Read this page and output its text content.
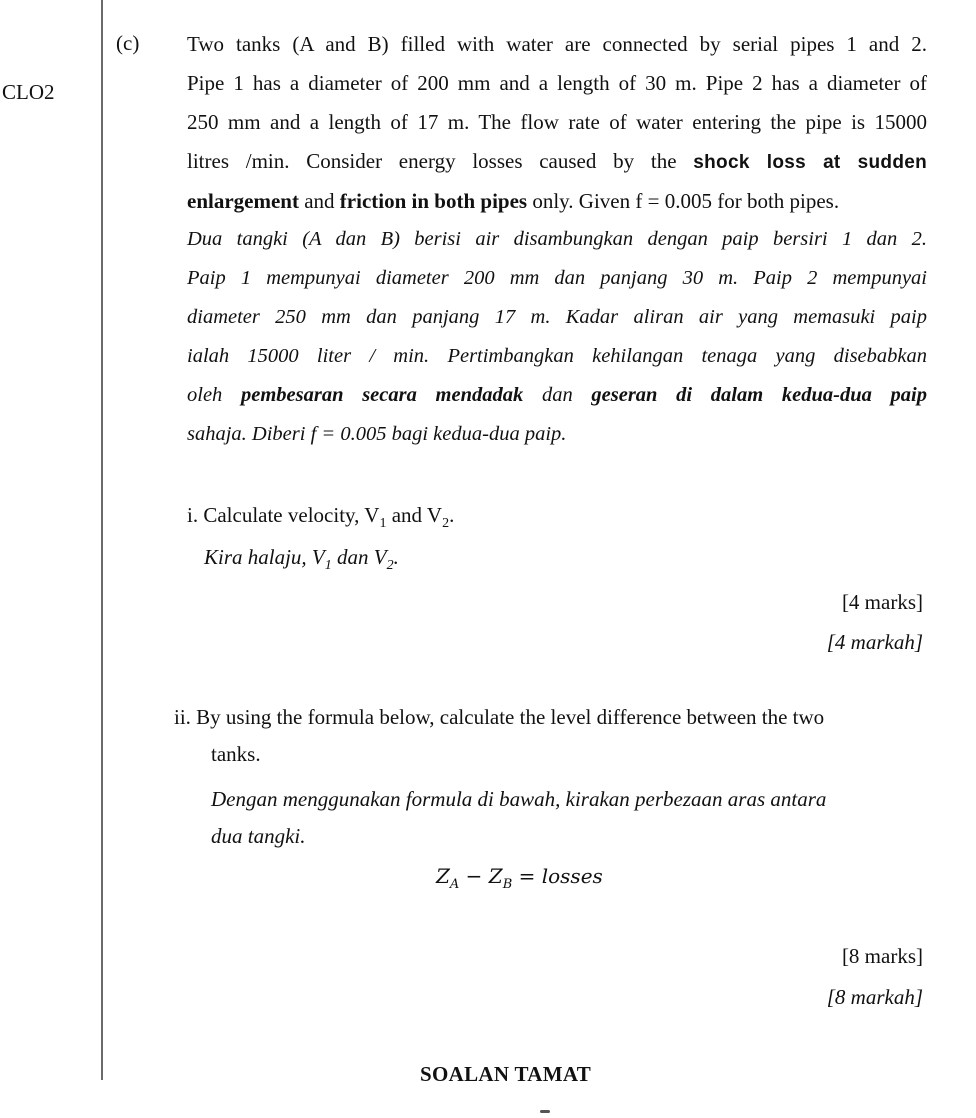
CLO2
(c) Two tanks (A and B) filled with water are connected by serial pipes 1 and 2.
Pipe 1 has a diameter of 200 mm and a length of 30 m. Pipe 2 has a diameter of
250 mm and a length of 17 m. The flow rate of water entering the pipe is 15000
litres /min. Consider energy losses caused by the shock loss at sudden
enlargement and friction in both pipes only. Given f = 0.005 for both pipes.
Dua tangki (A dan B) berisi air disambungkan dengan paip bersiri 1 dan 2.
Paip 1 mempunyai diameter 200 mm dan panjang 30 m. Paip 2 mempunyai
diameter 250 mm dan panjang 17 m. Kadar aliran air yang memasuki paip
ialah 15000 liter / min. Pertimbangkan kehilangan tenaga yang disebabkan
oleh pembesaran secara mendadak dan geseran di dalam kedua-dua paip
sahaja. Diberi f = 0.005 bagi kedua-dua paip.
i. Calculate velocity, $V_1$ and $V_2$.
Kira halaju, $V_1$ dan $V_2$.
[4 marks]
[4 markah]
ii. By using the formula below, calculate the level difference between the two
tanks.
Dengan menggunakan formula di bawah, kirakan perbezaan aras antara
dua tangki.
$Z_A - Z_B$ = losses
[8 marks]
[8 markah]
SOALAN TAMAT
